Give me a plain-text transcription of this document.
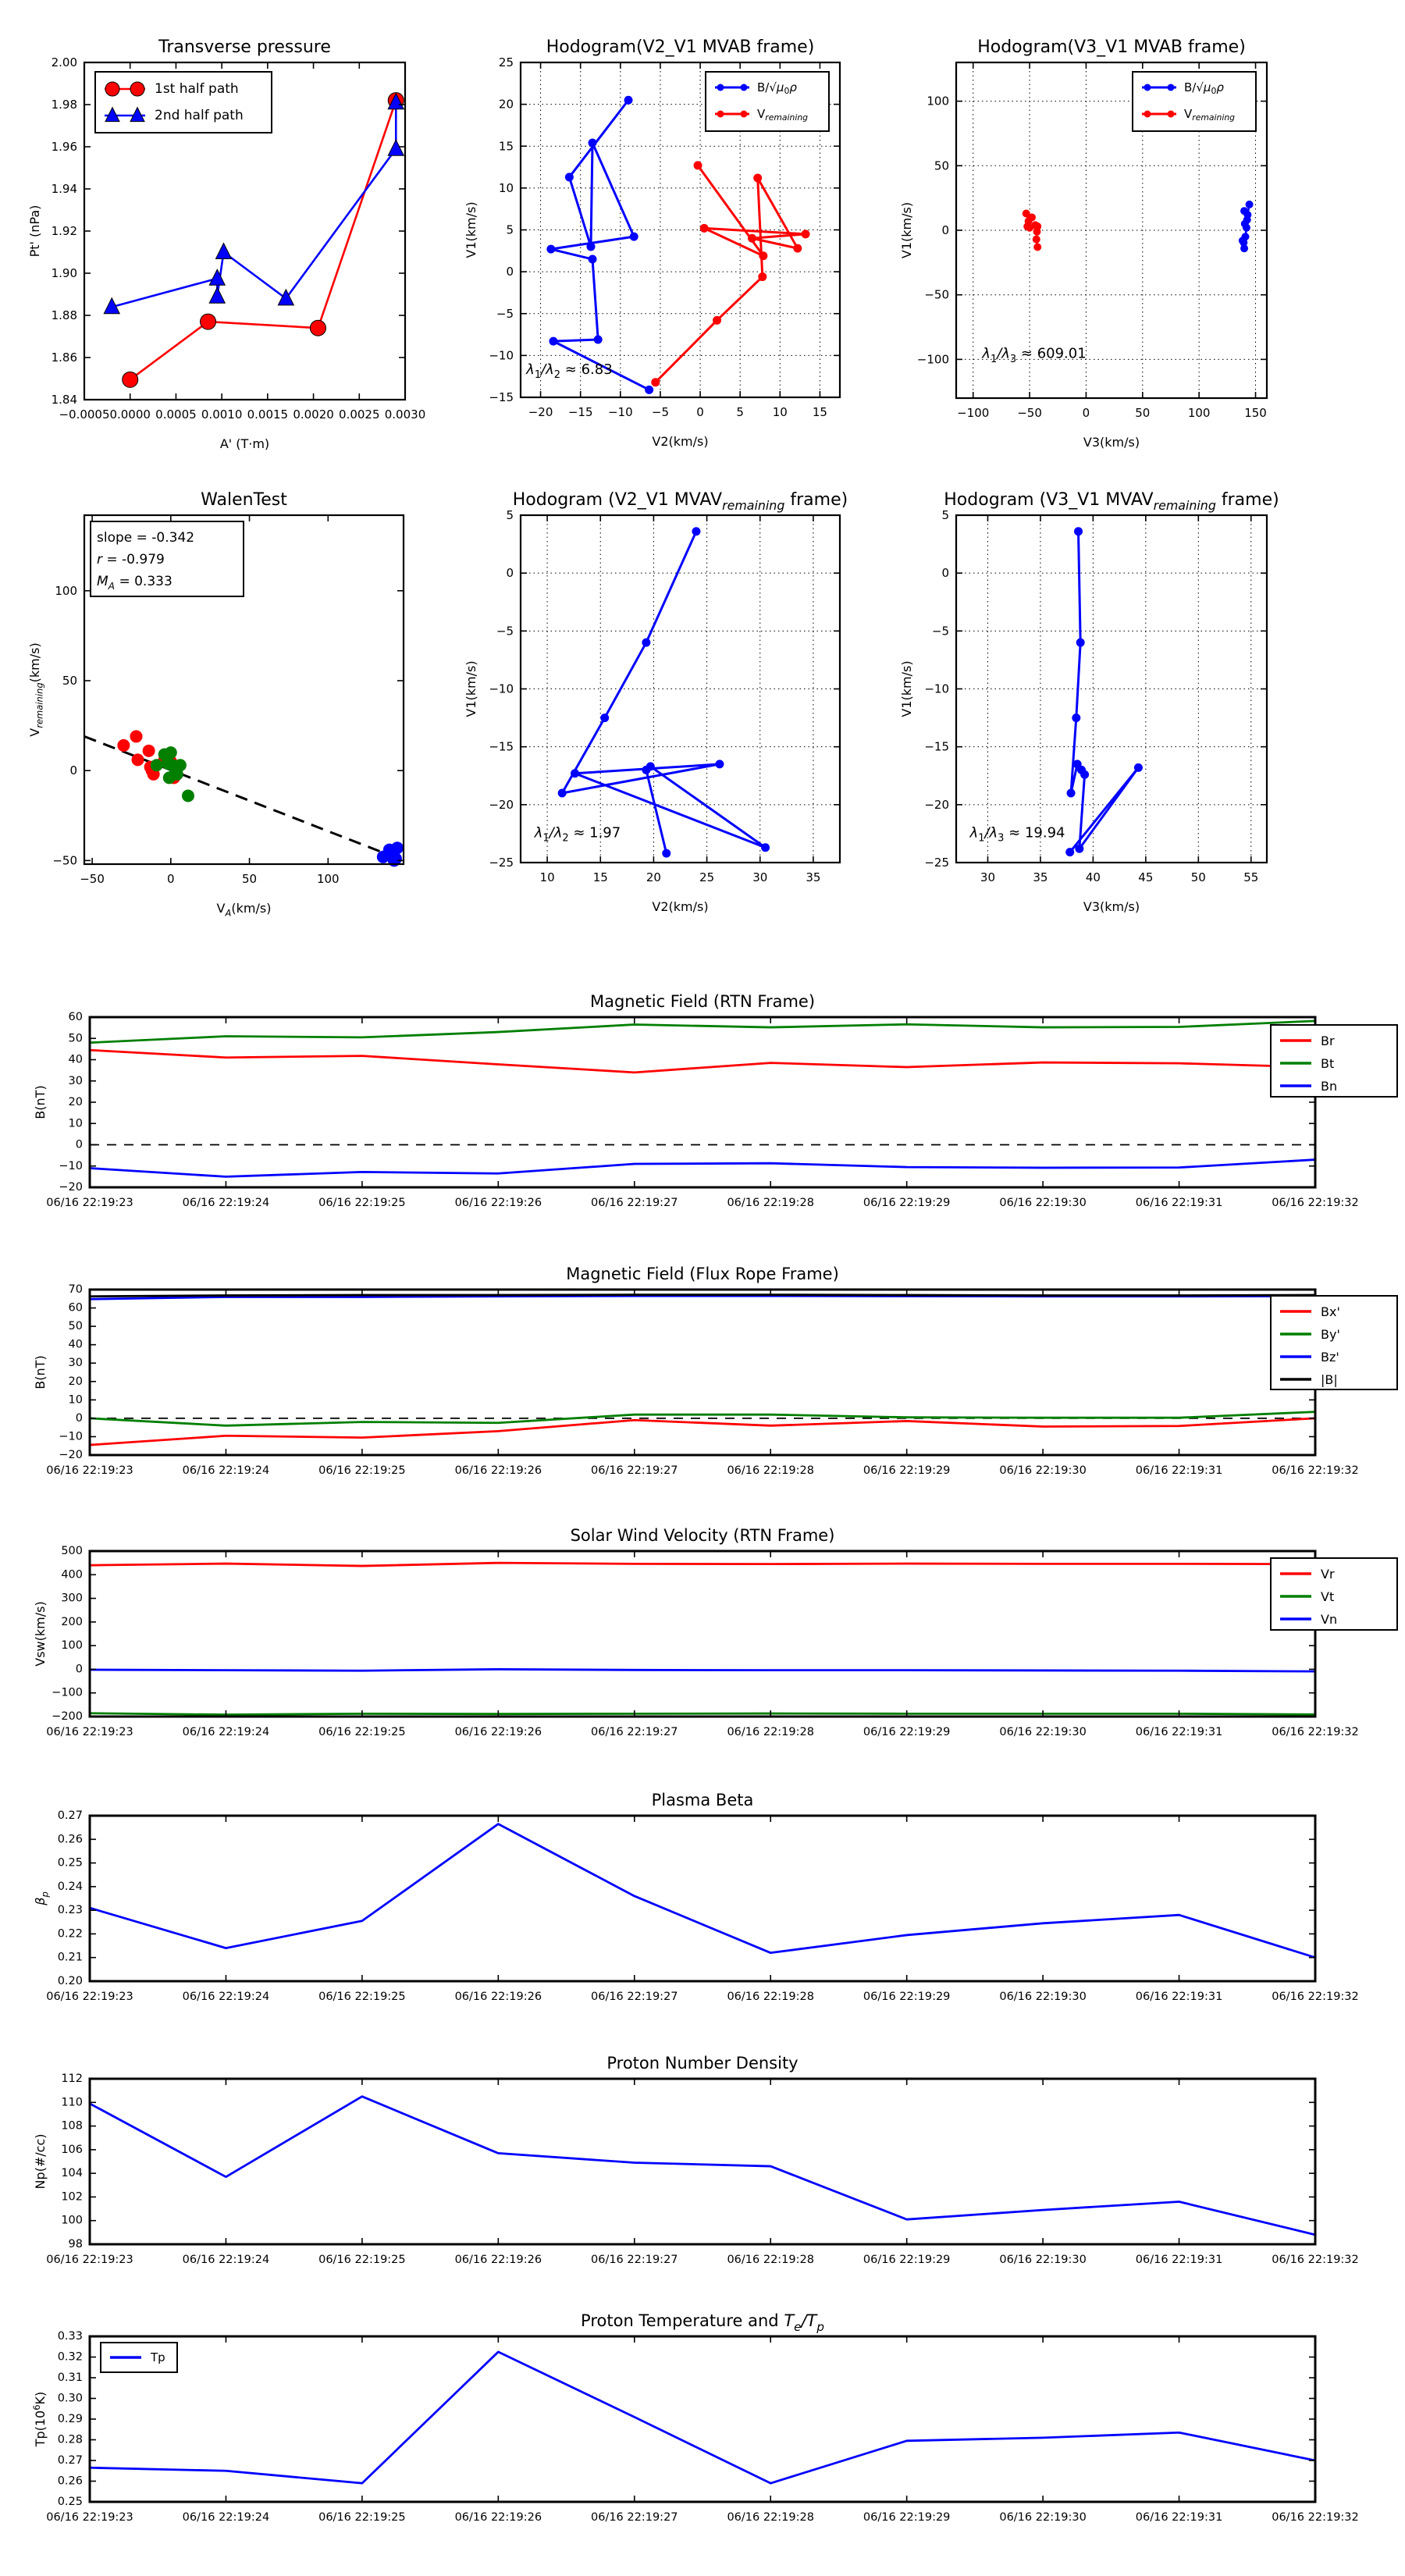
−0.0005 0.0000 0.0005 0.0010 0.0015 0.0020 0.0025 0.0030
1.84
1.86
1.88
1.90
1.92
1.94
1.96
1.98
2.00
Transverse pressure
A' (T·m)
Pt' (nPa)
1st half path
2nd half path
−20 −15 −10 −5 0	5 10 15
−15
−10
−5
0
5
10
15
20
25
Hodogram(V2_V1 MVAB frame)
V2(km/s)
V1(km/s)
$\lambda_1/\lambda_2 \approx 6.83$
$B/√\mu_0\rho$
$V_{remaining}$
−100 −50	0	50	100	150
−100
−50
0
50
100
Hodogram(V3_V1 MVAB frame)
V3(km/s)
V1(km/s)
$\lambda_1/\lambda_3 \approx 609.01$
$B/√\mu_0\rho$
$V_{remaining}$
−50	0	50	100
−50
0
50
100
WalenTest
$V_A(km/s)$
$V_{remaining}(km/s)$
slope = -0.342
r = -0.979
$M_A = 0.333$
10	15	20	25	30	35
−25
−20
−15
−10
−5
0
5
Hodogram (V2_V1 $MVAV_{remaining}$ frame)
V2(km/s)
V1(km/s)
$\lambda_1/\lambda_2 \approx 1.97$
30	35	40	45	50	55
−25
−20
−15
−10
−5
0
5
Hodogram (V3_V1 $MVAV_{remaining}$ frame)
V3(km/s)
V1(km/s)
$\lambda_1/\lambda_3 \approx 19.94$
06/16 22:19:23	06/16 22:19:24	06/16 22:19:25	06/16 22:19:26	06/16 22:19:27	06/16 22:19:28	06/16 22:19:29	06/16 22:19:30	06/16 22:19:31	06/16 22:19:32
−20
−10
0
10
20
30
40
50
60
Magnetic Field (RTN Frame)
B(nT)
Br
Bt
Bn
06/16 22:19:23	06/16 22:19:24	06/16 22:19:25	06/16 22:19:26	06/16 22:19:27	06/16 22:19:28	06/16 22:19:29	06/16 22:19:30	06/16 22:19:31	06/16 22:19:32
−20
−10
0
10
20
30
40
50
60
70
Magnetic Field (Flux Rope Frame)
B(nT)
Bx'
By'
Bz'
|B|
06/16 22:19:23	06/16 22:19:24	06/16 22:19:25	06/16 22:19:26	06/16 22:19:27	06/16 22:19:28	06/16 22:19:29	06/16 22:19:30	06/16 22:19:31	06/16 22:19:32
−200
−100
0
100
200
300
400
500
Solar Wind Velocity (RTN Frame)
Vsw(km/s)
Vr
Vt
Vn
06/16 22:19:23	06/16 22:19:24	06/16 22:19:25	06/16 22:19:26	06/16 22:19:27	06/16 22:19:28	06/16 22:19:29	06/16 22:19:30	06/16 22:19:31	06/16 22:19:32
0.20
0.21
0.22
0.23
0.24
0.25
0.26
0.27
Plasma Beta
$\beta_p$
06/16 22:19:23	06/16 22:19:24	06/16 22:19:25	06/16 22:19:26	06/16 22:19:27	06/16 22:19:28	06/16 22:19:29	06/16 22:19:30	06/16 22:19:31	06/16 22:19:32
98
100
102
104
106
108
110
112
Proton Number Density
Np(#/cc)
06/16 22:19:23	06/16 22:19:24	06/16 22:19:25	06/16 22:19:26	06/16 22:19:27	06/16 22:19:28	06/16 22:19:29	06/16 22:19:30	06/16 22:19:31	06/16 22:19:32
0.25
0.26
0.27
0.28
0.29
0.30
0.31
0.32
0.33
Proton Temperature and $T_e/T_p$
$Tp(10^6K)$
Tp
